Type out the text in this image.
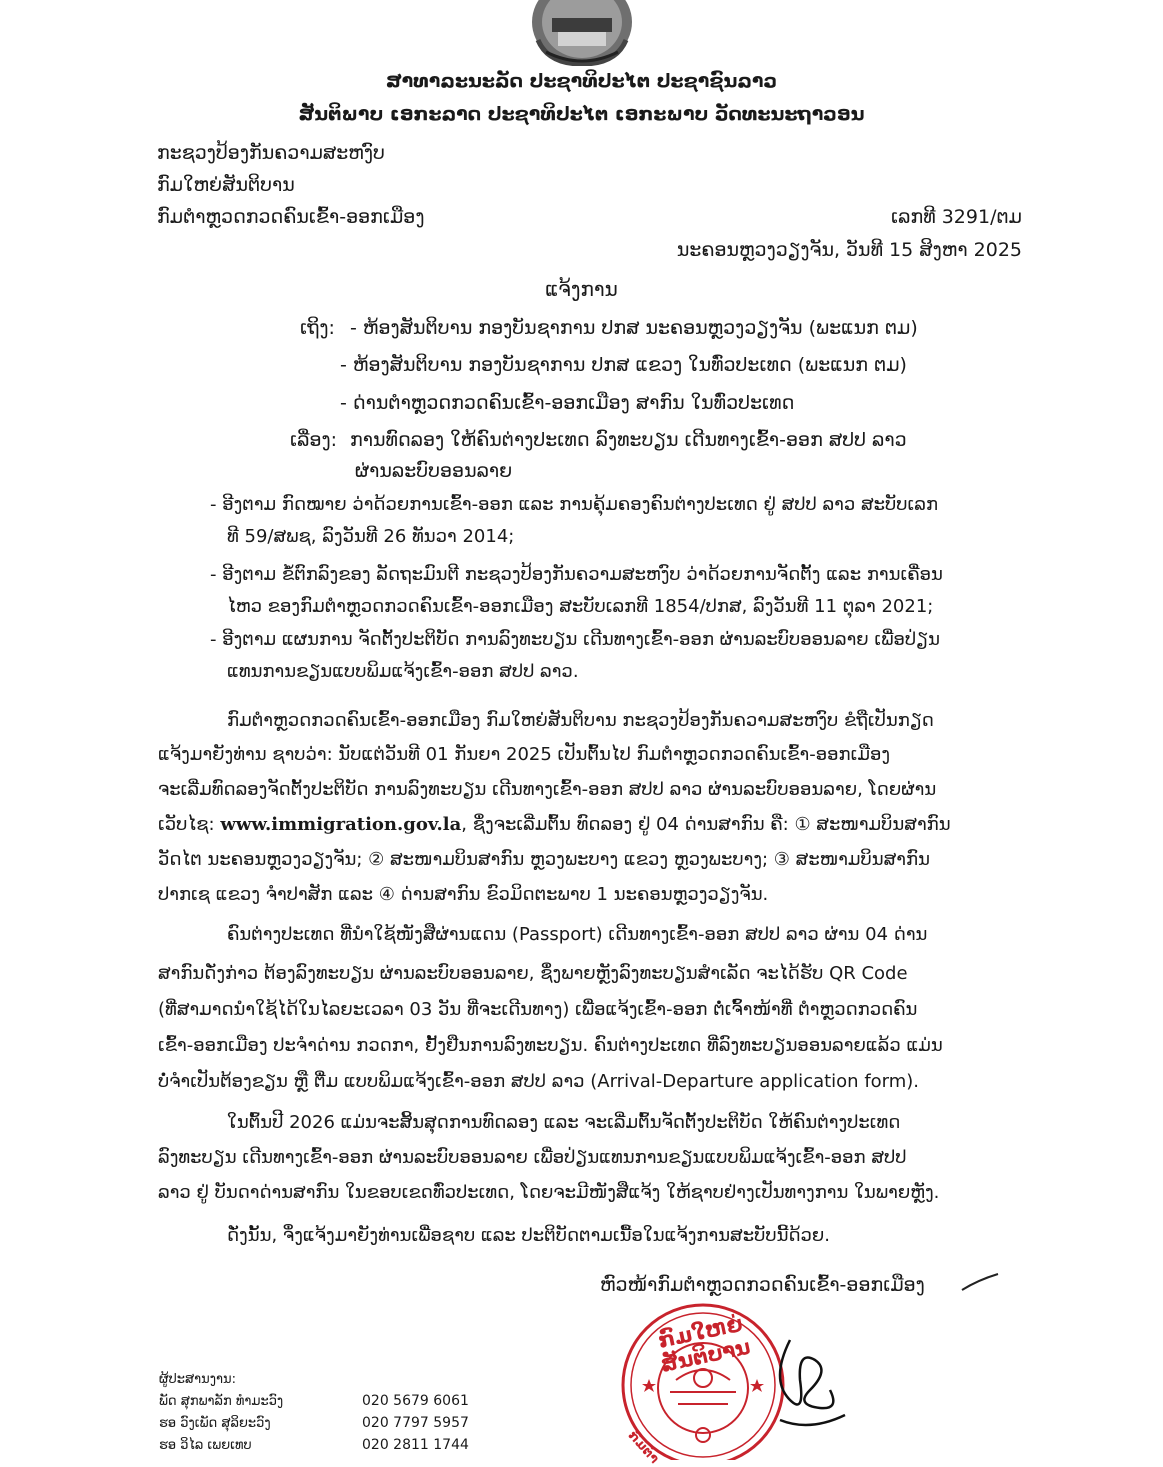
ສາທາລະນະລັດ ປະຊາທິປະໄຕ ປະຊາຊົນລາວ
ສັນຕິພາບ ເອກະລາດ ປະຊາທິປະໄຕ ເອກະພາບ ວັດທະນະຖາວອນ
ກະຊວງປ້ອງກັນຄວາມສະຫງົບ
ກົມໃຫຍ່ສັນຕິບານ
ກົມຕຳຫຼວດກວດຄົນເຂົ້າ-ອອກເມືອງ	ເລກທີ 3291/ຕມ
ນະຄອນຫຼວງວຽງຈັນ, ວັນທີ 15 ສິງຫາ 2025
ແຈ້ງການ
ເຖິງ: - ຫ້ອງສັນຕິບານ ກອງບັນຊາການ ປກສ ນະຄອນຫຼວງວຽງຈັນ (ພະແນກ ຕມ)
- ຫ້ອງສັນຕິບານ ກອງບັນຊາການ ປກສ ແຂວງ ໃນທົ່ວປະເທດ (ພະແນກ ຕມ)
- ດ່ານຕຳຫຼວດກວດຄົນເຂົ້າ-ອອກເມືອງ ສາກົນ ໃນທົ່ວປະເທດ
ເລື່ອງ: ການທົດລອງ ໃຫ້ຄົນຕ່າງປະເທດ ລົງທະບຽນ ເດີນທາງເຂົ້າ-ອອກ ສປປ ລາວ
ຜ່ານລະບົບອອນລາຍ
- ອີງຕາມ ກົດໝາຍ ວ່າດ້ວຍການເຂົ້າ-ອອກ ແລະ ການຄຸ້ມຄອງຄົນຕ່າງປະເທດ ຢູ່ ສປປ ລາວ ສະບັບເລກ
ທີ 59/ສພຊ, ລົງວັນທີ 26 ທັນວາ 2014;
- ອີງຕາມ ຂໍ້ຕົກລົງຂອງ ລັດຖະມົນຕີ ກະຊວງປ້ອງກັນຄວາມສະຫງົບ ວ່າດ້ວຍການຈັດຕັ້ງ ແລະ ການເຄື່ອນ
ໄຫວ ຂອງກົມຕຳຫຼວດກວດຄົນເຂົ້າ-ອອກເມືອງ ສະບັບເລກທີ 1854/ປກສ, ລົງວັນທີ 11 ຕຸລາ 2021;
- ອີງຕາມ ແຜນການ ຈັດຕັ້ງປະຕິບັດ ການລົງທະບຽນ ເດີນທາງເຂົ້າ-ອອກ ຜ່ານລະບົບອອນລາຍ ເພື່ອປ່ຽນ
ແທນການຂຽນແບບພິມແຈ້ງເຂົ້າ-ອອກ ສປປ ລາວ.
ກົມຕຳຫຼວດກວດຄົນເຂົ້າ-ອອກເມືອງ ກົມໃຫຍ່ສັນຕິບານ ກະຊວງປ້ອງກັນຄວາມສະຫງົບ ຂໍຖືເປັນກຽດ
ແຈ້ງມາຍັງທ່ານ ຊາບວ່າ: ນັບແຕ່ວັນທີ 01 ກັນຍາ 2025 ເປັນຕົ້ນໄປ ກົມຕຳຫຼວດກວດຄົນເຂົ້າ-ອອກເມືອງ
ຈະເລີ່ມທົດລອງຈັດຕັ້ງປະຕິບັດ ການລົງທະບຽນ ເດີນທາງເຂົ້າ-ອອກ ສປປ ລາວ ຜ່ານລະບົບອອນລາຍ, ໂດຍຜ່ານ
ເວັບໄຊ: www.immigration.gov.la, ຊຶ່ງຈະເລີ່ມຕົ້ນ ທົດລອງ ຢູ່ 04 ດ່ານສາກົນ ຄື: ① ສະໜາມບິນສາກົນ
ວັດໄຕ ນະຄອນຫຼວງວຽງຈັນ; ② ສະໜາມບິນສາກົນ ຫຼວງພະບາງ ແຂວງ ຫຼວງພະບາງ; ③ ສະໜາມບິນສາກົນ
ປາກເຊ ແຂວງ ຈຳປາສັກ ແລະ ④ ດ່ານສາກົນ ຂົວມິດຕະພາບ 1 ນະຄອນຫຼວງວຽງຈັນ.
ຄົນຕ່າງປະເທດ ທີ່ນຳໃຊ້ໜັງສືຜ່ານແດນ (Passport) ເດີນທາງເຂົ້າ-ອອກ ສປປ ລາວ ຜ່ານ 04 ດ່ານ
ສາກົນດັ່ງກ່າວ ຕ້ອງລົງທະບຽນ ຜ່ານລະບົບອອນລາຍ, ຊຶ່ງພາຍຫຼັງລົງທະບຽນສຳເລັດ ຈະໄດ້ຮັບ QR Code
(ທີ່ສາມາດນຳໃຊ້ໄດ້ໃນໄລຍະເວລາ 03 ວັນ ທີ່ຈະເດີນທາງ) ເພື່ອແຈ້ງເຂົ້າ-ອອກ ຕໍ່ເຈົ້າໜ້າທີ່ ຕຳຫຼວດກວດຄົນ
ເຂົ້າ-ອອກເມືອງ ປະຈຳດ່ານ ກວດກາ, ຢັ້ງຢືນການລົງທະບຽນ. ຄົນຕ່າງປະເທດ ທີ່ລົງທະບຽນອອນລາຍແລ້ວ ແມ່ນ
ບໍ່ຈຳເປັນຕ້ອງຂຽນ ຫຼື ຕື່ມ ແບບພິມແຈ້ງເຂົ້າ-ອອກ ສປປ ລາວ (Arrival-Departure application form).
ໃນຕົ້ນປີ 2026 ແມ່ນຈະສິ້ນສຸດການທົດລອງ ແລະ ຈະເລີ່ມຕົ້ນຈັດຕັ້ງປະຕິບັດ ໃຫ້ຄົນຕ່າງປະເທດ
ລົງທະບຽນ ເດີນທາງເຂົ້າ-ອອກ ຜ່ານລະບົບອອນລາຍ ເພື່ອປ່ຽນແທນການຂຽນແບບພິມແຈ້ງເຂົ້າ-ອອກ ສປປ
ລາວ ຢູ່ ບັນດາດ່ານສາກົນ ໃນຂອບເຂດທົ່ວປະເທດ, ໂດຍຈະມີໜັງສືແຈ້ງ ໃຫ້ຊາບຢ່າງເປັນທາງການ ໃນພາຍຫຼັງ.
ດັ່ງນັ້ນ, ຈຶ່ງແຈ້ງມາຍັງທ່ານເພື່ອຊາບ ແລະ ປະຕິບັດຕາມເນື້ອໃນແຈ້ງການສະບັບນີ້ດ້ວຍ.
ຫົວໜ້າກົມຕຳຫຼວດກວດຄົນເຂົ້າ-ອອກເມືອງ
ກົມໃຫຍ່ສັນຕິບານ
ກົມຕຳ
ຜູ້ປະສານງານ:
ພັດ ສຸກພາລັກ ທຳມະວົງ	020 5679 6061
ຮອ ວົງເພັດ ສຸລິຍະວົງ	020 7797 5957
ຮອ ວິໄລ ເພຍເທບ	020 2811 1744
